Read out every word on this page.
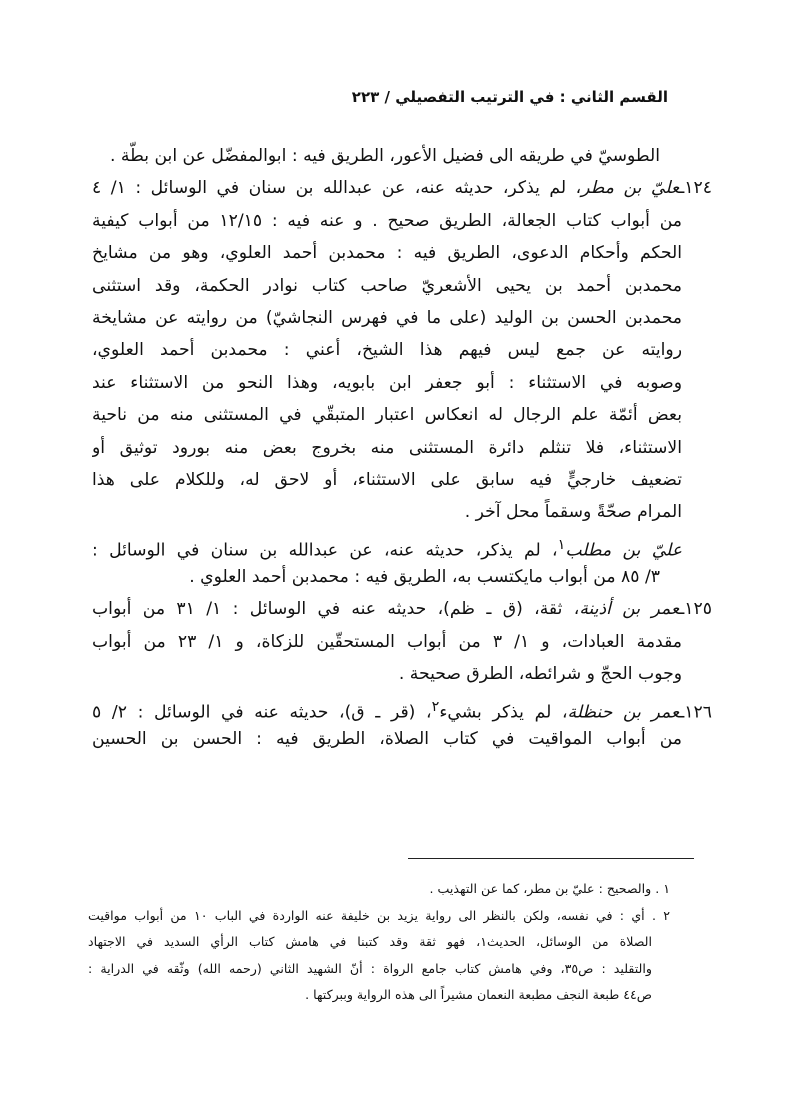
القسم الثاني : في الترتيب التفصيلي / ٢٢٣
الطوسيّ في طريقه الى فضيل الأعور، الطريق فيه : ابوالمفضّل عن ابن بطّة .
١٢٤ـعليّ بن مطر، لم يذكر، حديثه عنه، عن عبدالله بن سنان في الوسائل : ١/ ٤
من أبواب كتاب الجعالة، الطريق صحيح . و عنه فيه : ١٢/١٥ من أبواب كيفية
الحكم وأحكام الدعوى، الطريق فيه : محمدبن أحمد العلوي، وهو من مشايخ
محمدبن أحمد بن يحيى الأشعريّ صاحب كتاب نوادر الحكمة، وقد استثنى
محمدبن الحسن بن الوليد (على ما في فهرس النجاشيّ) من روايته عن مشايخة
روايته عن جمع ليس فيهم هذا الشيخ، أعني : محمدبن أحمد العلوي،
وصوبه في الاستثناء : أبو جعفر ابن بابويه، وهذا النحو من الاستثناء عند
بعض أئمّة علم الرجال له انعكاس اعتبار المتبقّي في المستثنى منه من ناحية
الاستثناء، فلا تنثلم دائرة المستثنى منه بخروج بعض منه بورود توثيق أو
تضعيف خارجيٍّ فيه سابق على الاستثناء، أو لاحق له، وللكلام على هذا
المرام صحّةً وسقماً محل آخر .
عليّ بن مطلب$^١$، لم يذكر، حديثه عنه، عن عبدالله بن سنان في الوسائل :
٣/ ٨٥ من أبواب مايكتسب به، الطريق فيه : محمدبن أحمد العلوي .
١٢٥ـعمر بن أذينة، ثقة، (ق ـ ظم)، حديثه عنه في الوسائل : ١/ ٣١ من أبواب
مقدمة العبادات، و ١/ ٣ من أبواب المستحقّين للزكاة، و ١/ ٢٣ من أبواب
وجوب الحجّ و شرائطه، الطرق صحيحة .
١٢٦ـعمر بن حنظلة، لم يذكر بشيء$^٢$، (قر ـ ق)، حديثه عنه في الوسائل : ٢/ ٥
من أبواب المواقيت في كتاب الصلاة، الطريق فيه : الحسن بن الحسين
١ . والصحيح : عليّ بن مطر، كما عن التهذيب .
٢ . أي : في نفسه، ولكن بالنظر الى رواية يزيد بن خليفة عنه الواردة في الباب ١٠ من أبواب مواقيت
الصلاة من الوسائل، الحديث١، فهو ثقة وقد كتبنا في هامش كتاب الرأي السديد في الاجتهاد
والتقليد : ص٣٥، وفي هامش كتاب جامع الرواة : أنّ الشهيد الثاني (رحمه الله) وثّقه في الدراية :
ص٤٤ طبعة النجف مطبعة النعمان مشيراً الى هذه الرواية وببركتها .
